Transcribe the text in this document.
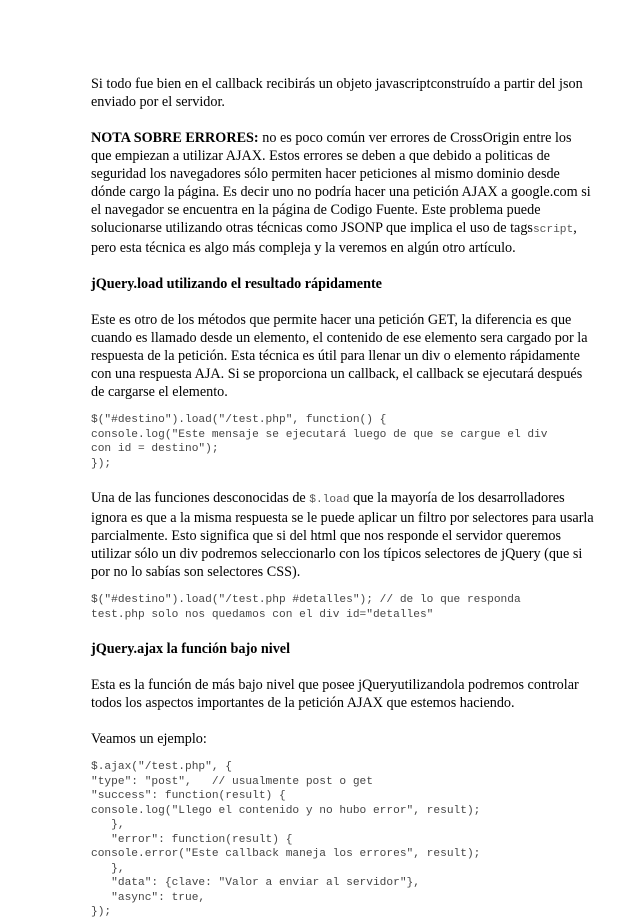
Si todo fue bien en el callback recibirás un objeto javascriptconstruído a partir del json

enviado por el servidor.

NOTA SOBRE ERRORES: no es poco común ver errores de CrossOrigin entre los

que empiezan a utilizar AJAX. Estos errores se deben a que debido a politicas de

seguridad los navegadores sólo permiten hacer peticiones al mismo dominio desde

dónde cargo la página. Es decir uno no podría hacer una petición AJAX a google.com si

el navegador se encuentra en la página de Codigo Fuente. Este problema puede

solucionarse utilizando otras técnicas como JSONP que implica el uso de tagsscript,

pero esta técnica es algo más compleja y la veremos en algún otro artículo.

jQuery.load utilizando el resultado rápidamente

Este es otro de los métodos que permite hacer una petición GET, la diferencia es que

cuando es llamado desde un elemento, el contenido de ese elemento sera cargado por la

respuesta de la petición. Esta técnica es útil para llenar un div o elemento rápidamente

con una respuesta AJA. Si se proporciona un callback, el callback se ejecutará después

de cargarse el elemento.

$("#destino").load("/test.php", function() {
console.log("Este mensaje se ejecutará luego de que se cargue el div
con id = destino");
});

Una de las funciones desconocidas de $.load que la mayoría de los desarrolladores

ignora es que a la misma respuesta se le puede aplicar un filtro por selectores para usarla

parcialmente. Esto significa que si del html que nos responde el servidor queremos

utilizar sólo un div podremos seleccionarlo con los típicos selectores de jQuery (que si

por no lo sabías son selectores CSS).

$("#destino").load("/test.php #detalles"); // de lo que responda
test.php solo nos quedamos con el div id="detalles"

jQuery.ajax la función bajo nivel

Esta es la función de más bajo nivel que posee jQueryutilizandola podremos controlar

todos los aspectos importantes de la petición AJAX que estemos haciendo.

Veamos un ejemplo:

$.ajax("/test.php", {
"type": "post",   // usualmente post o get
"success": function(result) {
console.log("Llego el contenido y no hubo error", result);
},
"error": function(result) {
console.error("Este callback maneja los errores", result);
},
"data": {clave: "Valor a enviar al servidor"},
"async": true,
});
